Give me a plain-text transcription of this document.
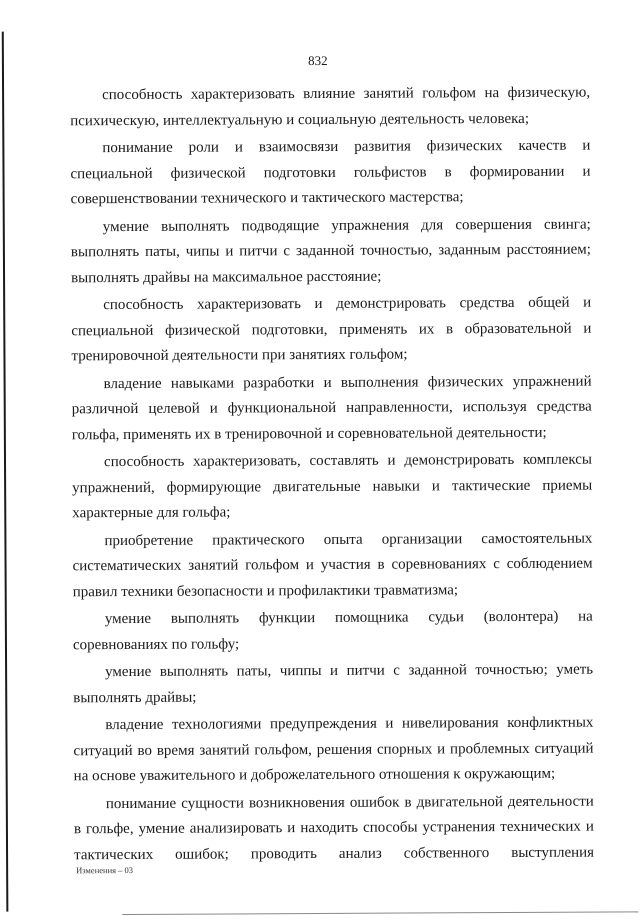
832

способность характеризовать влияние занятий гольфом на физическую, психическую, интеллектуальную и социальную деятельность человека;

понимание роли и взаимосвязи развития физических качеств и специальной физической подготовки гольфистов в формировании и совершенствовании технического и тактического мастерства;

умение выполнять подводящие упражнения для совершения свинга; выполнять паты, чипы и питчи с заданной точностью, заданным расстоянием; выполнять драйвы на максимальное расстояние;

способность характеризовать и демонстрировать средства общей и специальной физической подготовки, применять их в образовательной и тренировочной деятельности при занятиях гольфом;

владение навыками разработки и выполнения физических упражнений различной целевой и функциональной направленности, используя средства гольфа, применять их в тренировочной и соревновательной деятельности;

способность характеризовать, составлять и демонстрировать комплексы упражнений, формирующие двигательные навыки и тактические приемы характерные для гольфа;

приобретение практического опыта организации самостоятельных систематических занятий гольфом и участия в соревнованиях с соблюдением правил техники безопасности и профилактики травматизма;

умение выполнять функции помощника судьи (волонтера) на соревнованиях по гольфу;

умение выполнять паты, чиппы и питчи с заданной точностью; уметь выполнять драйвы;

владение технологиями предупреждения и нивелирования конфликтных ситуаций во время занятий гольфом, решения спорных и проблемных ситуаций на основе уважительного и доброжелательного отношения к окружающим;

понимание сущности возникновения ошибок в двигательной деятельности в гольфе, умение анализировать и находить способы устранения технических и тактических ошибок; проводить анализ собственного выступления

Изменения – 03
